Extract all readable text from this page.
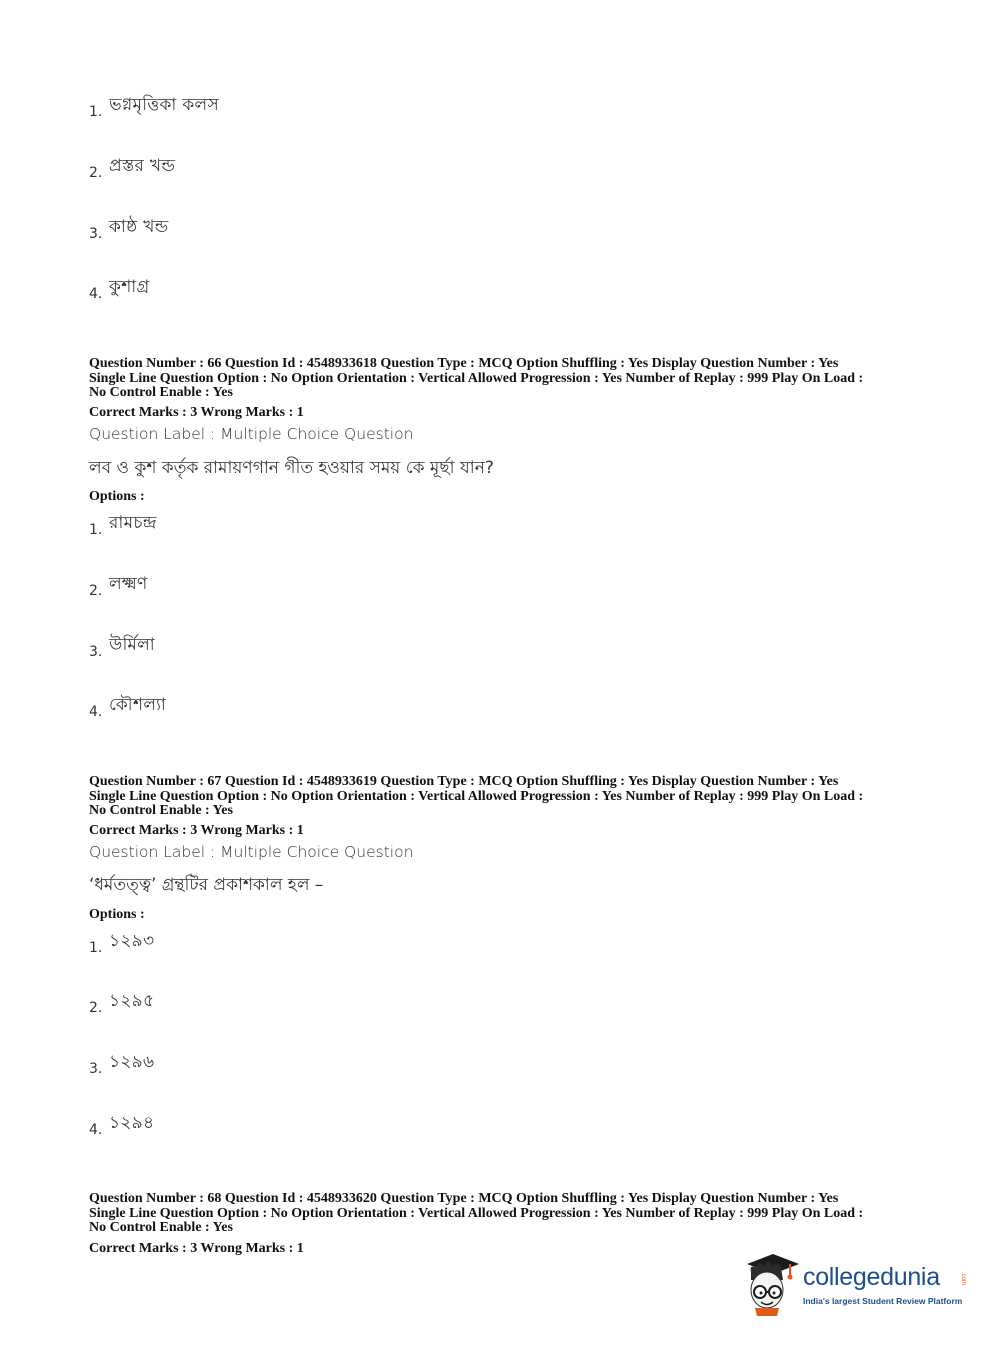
1. ভগ্নমৃত্তিকা কলস
2. প্রস্তর খন্ড
3. কাষ্ঠ খন্ড
4. কুশাগ্র

Question Number : 66 Question Id : 4548933618 Question Type : MCQ Option Shuffling : Yes Display Question Number : Yes
Single Line Question Option : No Option Orientation : Vertical Allowed Progression : Yes Number of Replay : 999 Play On Load :
No Control Enable : Yes

Correct Marks : 3 Wrong Marks : 1

Question Label : Multiple Choice Question

লব ও কুশ কর্তৃক রামায়ণগান গীত হওয়ার সময় কে মূর্ছা যান?

Options :

1. রামচন্দ্র
2. লক্ষ্মণ
3. উর্মিলা
4. কৌশল্যা

Question Number : 67 Question Id : 4548933619 Question Type : MCQ Option Shuffling : Yes Display Question Number : Yes
Single Line Question Option : No Option Orientation : Vertical Allowed Progression : Yes Number of Replay : 999 Play On Load :
No Control Enable : Yes

Correct Marks : 3 Wrong Marks : 1

Question Label : Multiple Choice Question

‘ধর্মতত্ত্ব’ গ্রন্থটির প্রকাশকাল হল –

Options :

1. ১২৯৩
2. ১২৯৫
3. ১২৯৬
4. ১২৯৪

Question Number : 68 Question Id : 4548933620 Question Type : MCQ Option Shuffling : Yes Display Question Number : Yes
Single Line Question Option : No Option Orientation : Vertical Allowed Progression : Yes Number of Replay : 999 Play On Load :
No Control Enable : Yes

Correct Marks : 3 Wrong Marks : 1

collegedunia	.com
India's largest Student Review Platform
